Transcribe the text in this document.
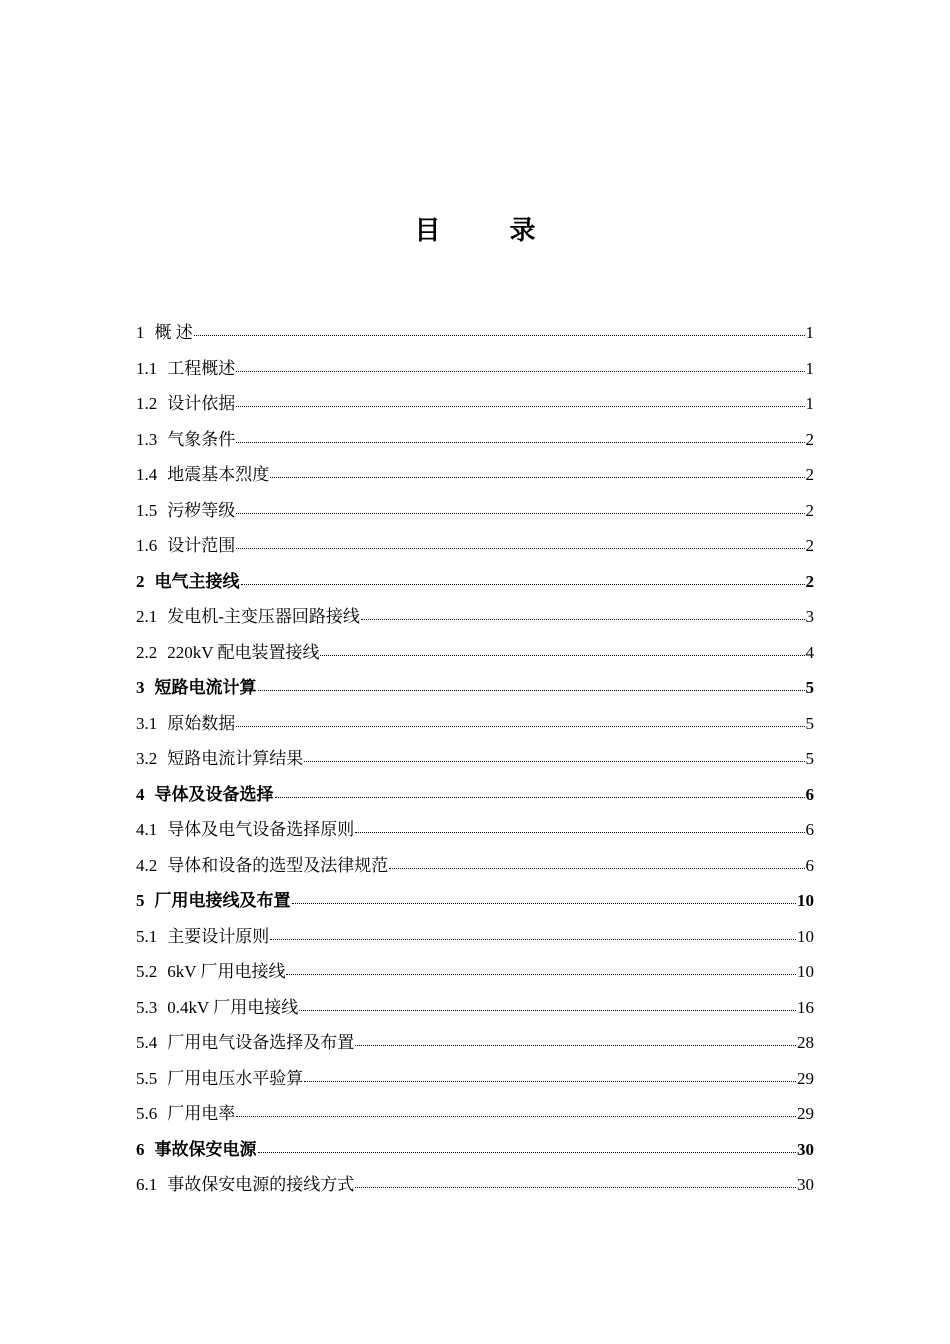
目 录
1 概 述	1
1.1 工程概述	1
1.2 设计依据	1
1.3 气象条件	2
1.4 地震基本烈度	2
1.5 污秽等级	2
1.6 设计范围	2
2 电气主接线	2
2.1 发电机-主变压器回路接线	3
2.2 220kV 配电装置接线	4
3 短路电流计算	5
3.1 原始数据	5
3.2 短路电流计算结果	5
4 导体及设备选择	6
4.1 导体及电气设备选择原则	6
4.2 导体和设备的选型及法律规范	6
5 厂用电接线及布置	10
5.1 主要设计原则	10
5.2 6kV 厂用电接线	10
5.3 0.4kV 厂用电接线	16
5.4 厂用电气设备选择及布置	28
5.5 厂用电压水平验算	29
5.6 厂用电率	29
6 事故保安电源	30
6.1 事故保安电源的接线方式	30
